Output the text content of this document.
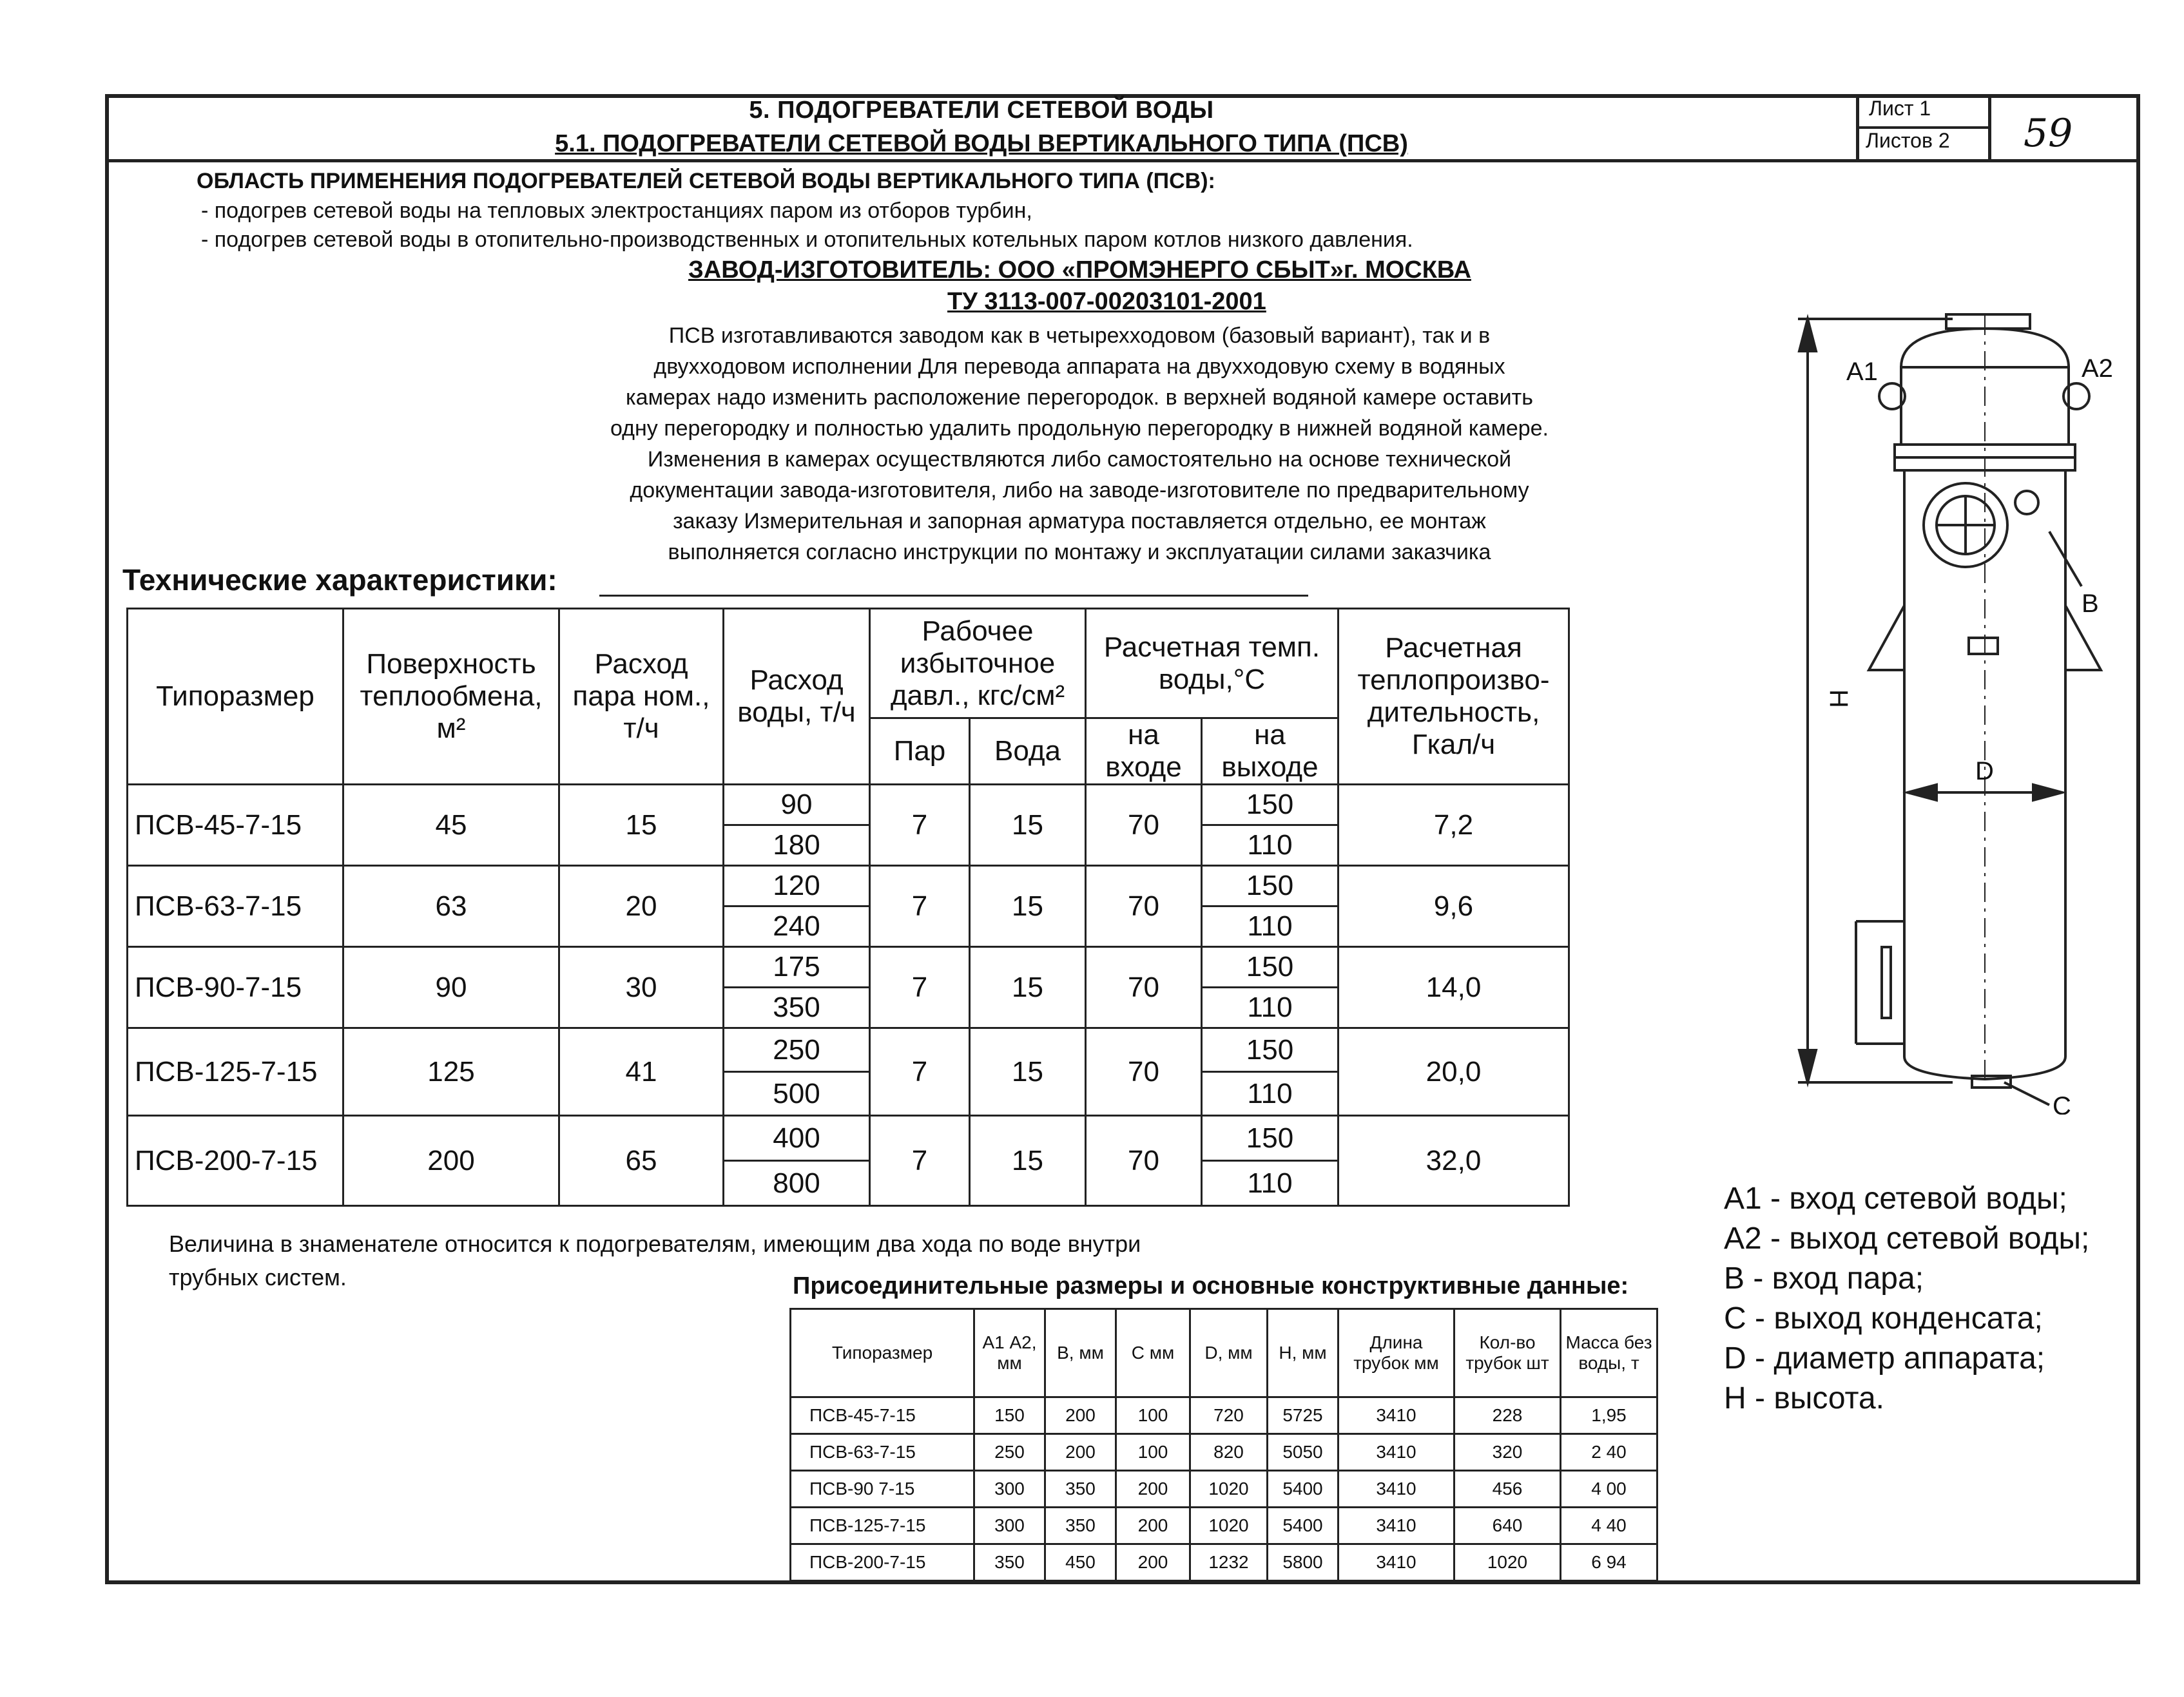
5. ПОДОГРЕВАТЕЛИ СЕТЕВОЙ ВОДЫ
5.1. ПОДОГРЕВАТЕЛИ СЕТЕВОЙ ВОДЫ ВЕРТИКАЛЬНОГО ТИПА (ПСВ)
Лист 1
Листов 2 59
ОБЛАСТЬ ПРИМЕНЕНИЯ ПОДОГРЕВАТЕЛЕЙ СЕТЕВОЙ ВОДЫ ВЕРТИКАЛЬНОГО ТИПА (ПСВ):
- подогрев сетевой воды на тепловых электростанциях паром из отборов турбин,
- подогрев сетевой воды в отопительно-производственных и отопительных котельных паром котлов низкого давления.
ЗАВОД-ИЗГОТОВИТЕЛЬ: ООО «ПРОМЭНЕРГО СБЫТ»г. МОСКВА
ТУ 3113-007-00203101-2001
ПСВ изготавливаются заводом как в четырехходовом (базовый вариант), так и в
двухходовом исполнении Для перевода аппарата на двухходовую схему в водяных
камерах надо изменить расположение перегородок. в верхней водяной камере оставить
одну перегородку и полностью удалить продольную перегородку в нижней водяной камере.
Изменения в камерах осуществляются либо самостоятельно на основе технической
документации завода-изготовителя, либо на заводе-изготовителе по предварительному
заказу Измерительная и запорная арматура поставляется отдельно, ее монтаж
выполняется согласно инструкции по монтажу и эксплуатации силами заказчика
Технические характеристики:
Типоразмер	Поверхность теплообмена, м²	Расход пара ном., т/ч	Расход воды, т/ч	Рабочее избыточное давл., кгс/см²		Расчетная темп. воды,°С		Расчетная теплопроизво-дительность, Гкал/ч
				Пар	Вода	на входе	на выходе	
ПСВ-45-7-15	45	15	90	7	15	70	150	7,2
			180				110	
ПСВ-63-7-15	63	20	120	7	15	70	150	9,6
			240				110	
ПСВ-90-7-15	90	30	175	7	15	70	150	14,0
			350				110	
ПСВ-125-7-15	125	41	250	7	15	70	150	20,0
			500				110	
ПСВ-200-7-15	200	65	400	7	15	70	150	32,0
			800				110	
Величина в знаменателе относится к подогревателям, имеющим два хода по воде внутри
трубных систем.	Присоединительные размеры и основные конструктивные данные:
Типоразмер	А1 А2, мм	В, мм	С мм	D, мм	Н, мм	Длина трубок мм	Кол-во трубок шт	Масса без воды, т
ПСВ-45-7-15	150	200	100	720	5725	3410	228	1,95
ПСВ-63-7-15	250	200	100	820	5050	3410	320	2 40
ПСВ-90 7-15	300	350	200	1020	5400	3410	456	4 00
ПСВ-125-7-15	300	350	200	1020	5400	3410	640	4 40
ПСВ-200-7-15	350	450	200	1232	5800	3410	1020	6 94
А1 - вход сетевой воды;
А2 - выход сетевой воды;
В - вход пара;
С - выход конденсата;
D - диаметр аппарата;
Н - высота.
Н
А1	А2
В
D
С
